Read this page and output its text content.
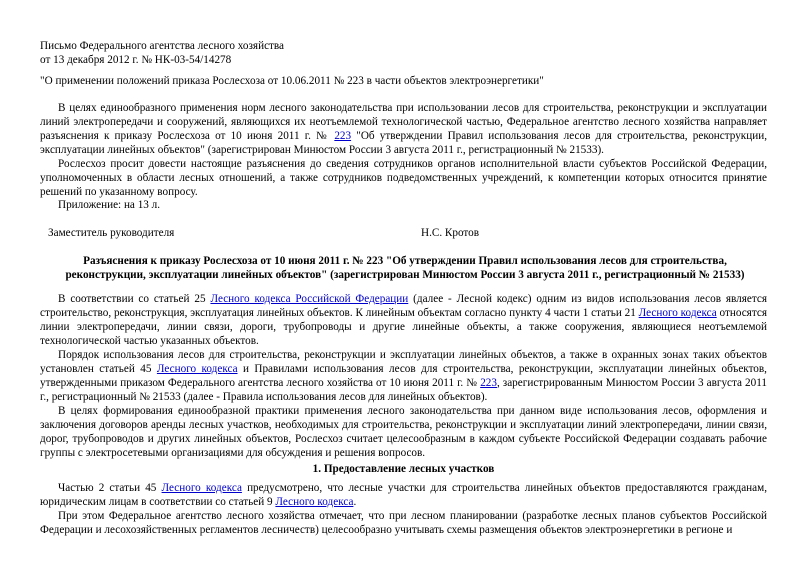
Письмо Федерального агентства лесного хозяйства

от 13 декабря 2012 г. № НК-03-54/14278

"О применении положений приказа Рослесхоза от 10.06.2011 № 223 в части объектов электроэнергетики"

В целях единообразного применения норм лесного законодательства при использовании лесов для строительства, реконструкции и эксплуатации линий электропередачи и сооружений, являющихся их неотъемлемой технологической частью, Федеральное агентство лесного хозяйства направляет разъяснения к приказу Рослесхоза от 10 июня 2011 г. № 223 "Об утверждении Правил использования лесов для строительства, реконструкции, эксплуатации линейных объектов" (зарегистрирован Минюстом России 3 августа 2011 г., регистрационный № 21533).

Рослесхоз просит довести настоящие разъяснения до сведения сотрудников органов исполнительной власти субъектов Российской Федерации, уполномоченных в области лесных отношений, а также сотрудников подведомственных учреждений, к компетенции которых относится принятие решений по указанному вопросу.

Приложение: на 13 л.

Заместитель руководителя	Н.С. Кротов

Разъяснения к приказу Рослесхоза от 10 июня 2011 г. № 223 "Об утверждении Правил использования лесов для строительства, реконструкции, эксплуатации линейных объектов" (зарегистрирован Минюстом России 3 августа 2011 г., регистрационный № 21533)

В соответствии со статьей 25 Лесного кодекса Российской Федерации (далее - Лесной кодекс) одним из видов использования лесов является строительство, реконструкция, эксплуатация линейных объектов. К линейным объектам согласно пункту 4 части 1 статьи 21 Лесного кодекса относятся линии электропередачи, линии связи, дороги, трубопроводы и другие линейные объекты, а также сооружения, являющиеся неотъемлемой технологической частью указанных объектов.

Порядок использования лесов для строительства, реконструкции и эксплуатации линейных объектов, а также в охранных зонах таких объектов установлен статьей 45 Лесного кодекса и Правилами использования лесов для строительства, реконструкции, эксплуатации линейных объектов, утвержденными приказом Федерального агентства лесного хозяйства от 10 июня 2011 г. № 223, зарегистрированным Минюстом России 3 августа 2011 г., регистрационный № 21533 (далее - Правила использования лесов для линейных объектов).

В целях формирования единообразной практики применения лесного законодательства при данном виде использования лесов, оформления и заключения договоров аренды лесных участков, необходимых для строительства, реконструкции и эксплуатации линий электропередачи, линии связи, дорог, трубопроводов и других линейных объектов, Рослесхоз считает целесообразным в каждом субъекте Российской Федерации создавать рабочие группы с электросетевыми организациями для обсуждения и решения вопросов.

1. Предоставление лесных участков

Частью 2 статьи 45 Лесного кодекса предусмотрено, что лесные участки для строительства линейных объектов предоставляются гражданам, юридическим лицам в соответствии со статьей 9 Лесного кодекса.

При этом Федеральное агентство лесного хозяйства отмечает, что при лесном планировании (разработке лесных планов субъектов Российской Федерации и лесохозяйственных регламентов лесничеств) целесообразно учитывать схемы размещения объектов электроэнергетики в регионе и
